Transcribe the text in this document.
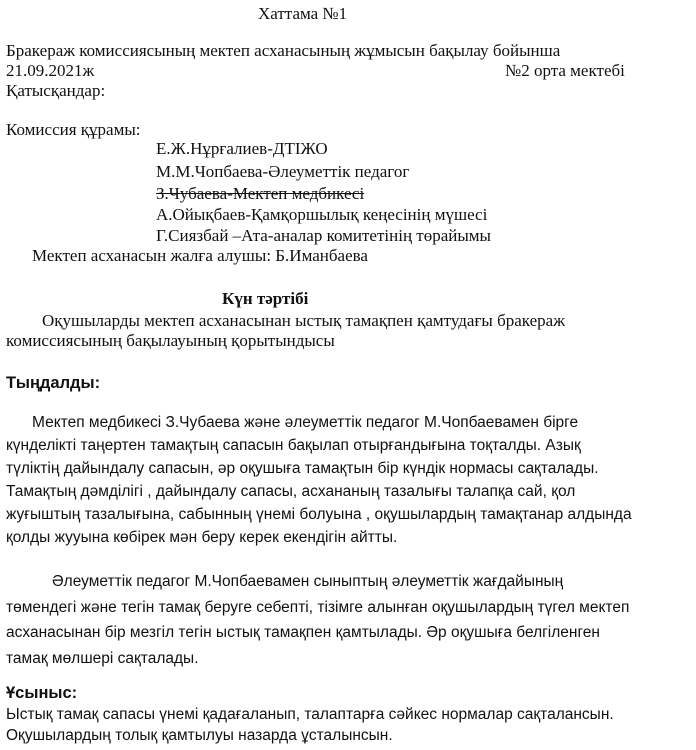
Хаттама №1
Бракераж комиссиясының мектеп асханасының жұмысын бақылау бойынша
21.09.2021ж	№2 орта мектебі
Қатысқандар:
Комиссия құрамы:
Е.Ж.Нұрғалиев-ДТІЖО
М.М.Чопбаева-Әлеуметтік педагог
З.Чубаева-Мектеп медбикесі
А.Ойықбаев-Қамқоршылық кеңесінің мүшесі
Г.Сиязбай –Ата-аналар комитетінің төрайымы
Мектеп асханасын жалға алушы: Б.Иманбаева
Күн тәртібі
Оқушыларды мектеп асханасынан ыстық тамақпен қамтудағы бракераж
комиссиясының бақылауының қорытындысы
Тыңдалды:
Мектеп медбикесі З.Чубаева және әлеуметтік педагог М.Чопбаевамен бірге
күнделікті таңертен тамақтың сапасын бақылап отырғандығына тоқталды. Азық
түліктің дайындалу сапасын, әр оқушыға тамақтын бір күндік нормасы сақталады.
Тамақтың дәмділігі , дайындалу сапасы, асхананың тазалығы талапқа сай, қол
жуғыштың тазалығына, сабынның үнемі болуына , оқушылардың тамақтанар алдында
қолды жууына көбірек мән беру керек екендігін айтты.
Әлеуметтік педагог М.Чопбаевамен сыныптың әлеуметтік жағдайының
төмендегі және тегін тамақ беруге себепті, тізімге алынған оқушылардың түгел мектеп
асханасынан бір мезгіл тегін ыстық тамақпен қамтылады. Әр оқушыға белгіленген
тамақ мөлшері сақталады.
Ұсыныс:
Ыстық тамақ сапасы үнемі қадағаланып, талаптарға сәйкес нормалар сақталансын.
Оқушылардың толық қамтылуы назарда ұсталынсын.
